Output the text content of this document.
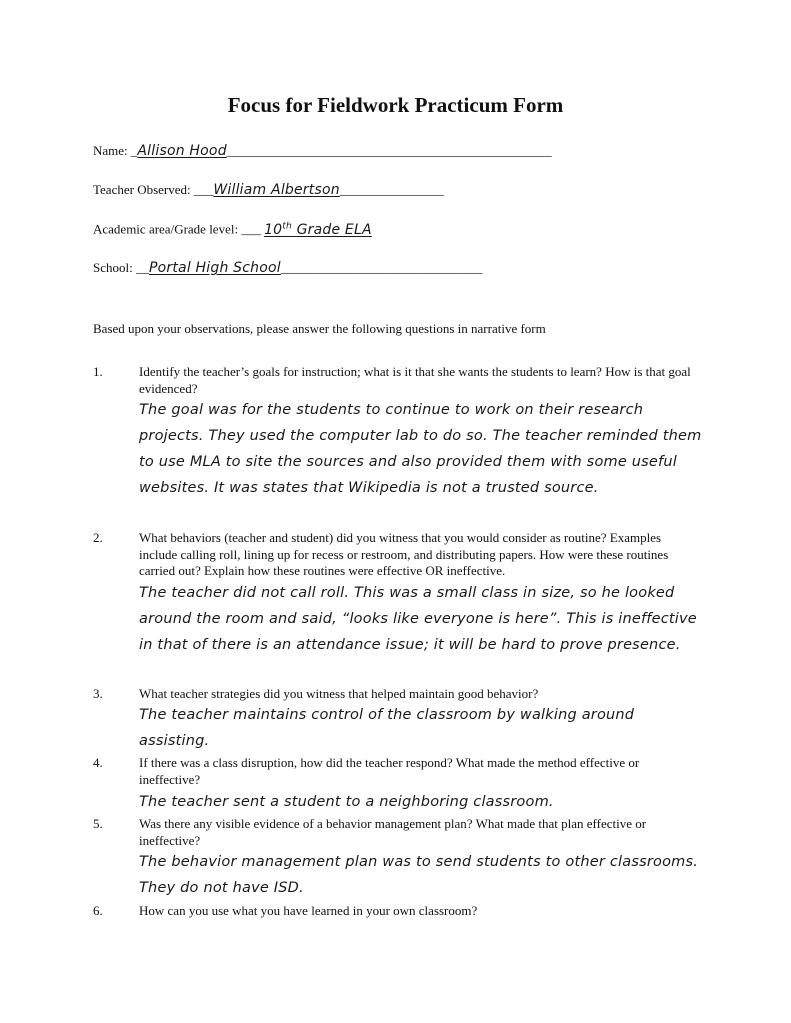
Focus for Fieldwork Practicum Form
Name: _Allison Hood__________________________________________________
Teacher Observed: ___William Albertson________________
Academic area/Grade level: ___ 10th Grade ELA
School: __Portal High School_______________________________
Based upon your observations, please answer the following questions in narrative form
1.	Identify the teacher’s goals for instruction; what is it that she wants the students to learn? How is that goal evidenced?
The goal was for the students to continue to work on their research projects. They used the computer lab to do so. The teacher reminded them to use MLA to site the sources and also provided them with some useful websites. It was states that Wikipedia is not a trusted source.
2.	What behaviors (teacher and student) did you witness that you would consider as routine? Examples include calling roll, lining up for recess or restroom, and distributing papers. How were these routines carried out? Explain how these routines were effective OR ineffective.
The teacher did not call roll. This was a small class in size, so he looked around the room and said, “looks like everyone is here”. This is ineffective in that of there is an attendance issue; it will be hard to prove presence.
3.	What teacher strategies did you witness that helped maintain good behavior?
The teacher maintains control of the classroom by walking around assisting.
4.	If there was a class disruption, how did the teacher respond? What made the method effective or ineffective?
The teacher sent a student to a neighboring classroom.
5.	Was there any visible evidence of a behavior management plan? What made that plan effective or ineffective?
The behavior management plan was to send students to other classrooms. They do not have ISD.
6.	How can you use what you have learned in your own classroom?
